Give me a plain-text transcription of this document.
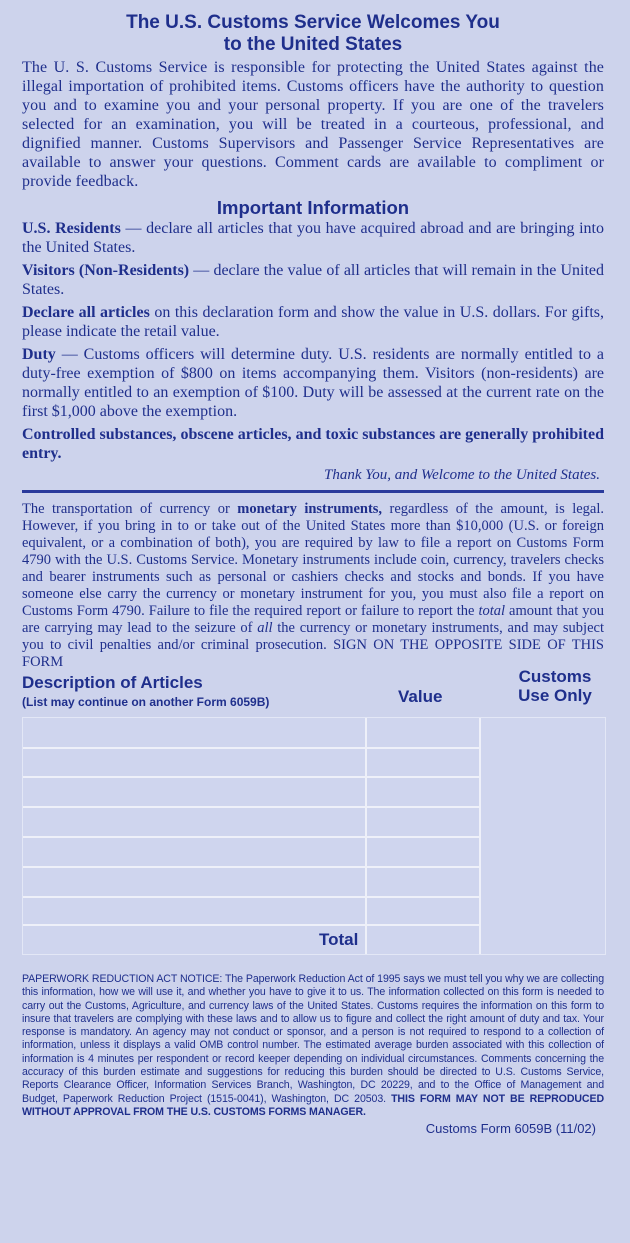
The U.S. Customs Service Welcomes You
to the United States

The U. S. Customs Service is responsible for protecting the United States against the illegal importation of prohibited items. Customs officers have the authority to question you and to examine you and your personal property. If you are one of the travelers selected for an examination, you will be treated in a courteous, professional, and dignified manner. Customs Supervisors and Passenger Service Representatives are available to answer your questions. Comment cards are available to compliment or provide feedback.

Important Information

U.S. Residents — declare all articles that you have acquired abroad and are bringing into the United States.

Visitors (Non-Residents) — declare the value of all articles that will remain in the United States.

Declare all articles on this declaration form and show the value in U.S. dollars. For gifts, please indicate the retail value.

Duty — Customs officers will determine duty. U.S. residents are normally entitled to a duty-free exemption of $800 on items accompanying them. Visitors (non-residents) are normally entitled to an exemption of $100. Duty will be assessed at the current rate on the first $1,000 above the exemption.

Controlled substances, obscene articles, and toxic substances are generally prohibited entry.

Thank You, and Welcome to the United States.

The transportation of currency or monetary instruments, regardless of the amount, is legal. However, if you bring in to or take out of the United States more than $10,000 (U.S. or foreign equivalent, or a combination of both), you are required by law to file a report on Customs Form 4790 with the U.S. Customs Service. Monetary instruments include coin, currency, travelers checks and bearer instruments such as personal or cashiers checks and stocks and bonds. If you have someone else carry the currency or monetary instrument for you, you must also file a report on Customs Form 4790. Failure to file the required report or failure to report the total amount that you are carrying may lead to the seizure of all the currency or monetary instruments, and may subject you to civil penalties and/or criminal prosecution. SIGN ON THE OPPOSITE SIDE OF THIS FORM

Description of Articles
(List may continue on another Form 6059B)	Value
Customs
Use Only
Total

PAPERWORK REDUCTION ACT NOTICE: The Paperwork Reduction Act of 1995 says we must tell you why we are collecting this information, how we will use it, and whether you have to give it to us. The information collected on this form is needed to carry out the Customs, Agriculture, and currency laws of the United States. Customs requires the information on this form to insure that travelers are complying with these laws and to allow us to figure and collect the right amount of duty and tax. Your response is mandatory. An agency may not conduct or sponsor, and a person is not required to respond to a collection of information, unless it displays a valid OMB control number. The estimated average burden associated with this collection of information is 4 minutes per respondent or record keeper depending on individual circumstances. Comments concerning the accuracy of this burden estimate and suggestions for reducing this burden should be directed to U.S. Customs Service, Reports Clearance Officer, Information Services Branch, Washington, DC 20229, and to the Office of Management and Budget, Paperwork Reduction Project (1515-0041), Washington, DC 20503. THIS FORM MAY NOT BE REPRODUCED WITHOUT APPROVAL FROM THE U.S. CUSTOMS FORMS MANAGER.

Customs Form 6059B (11/02)
